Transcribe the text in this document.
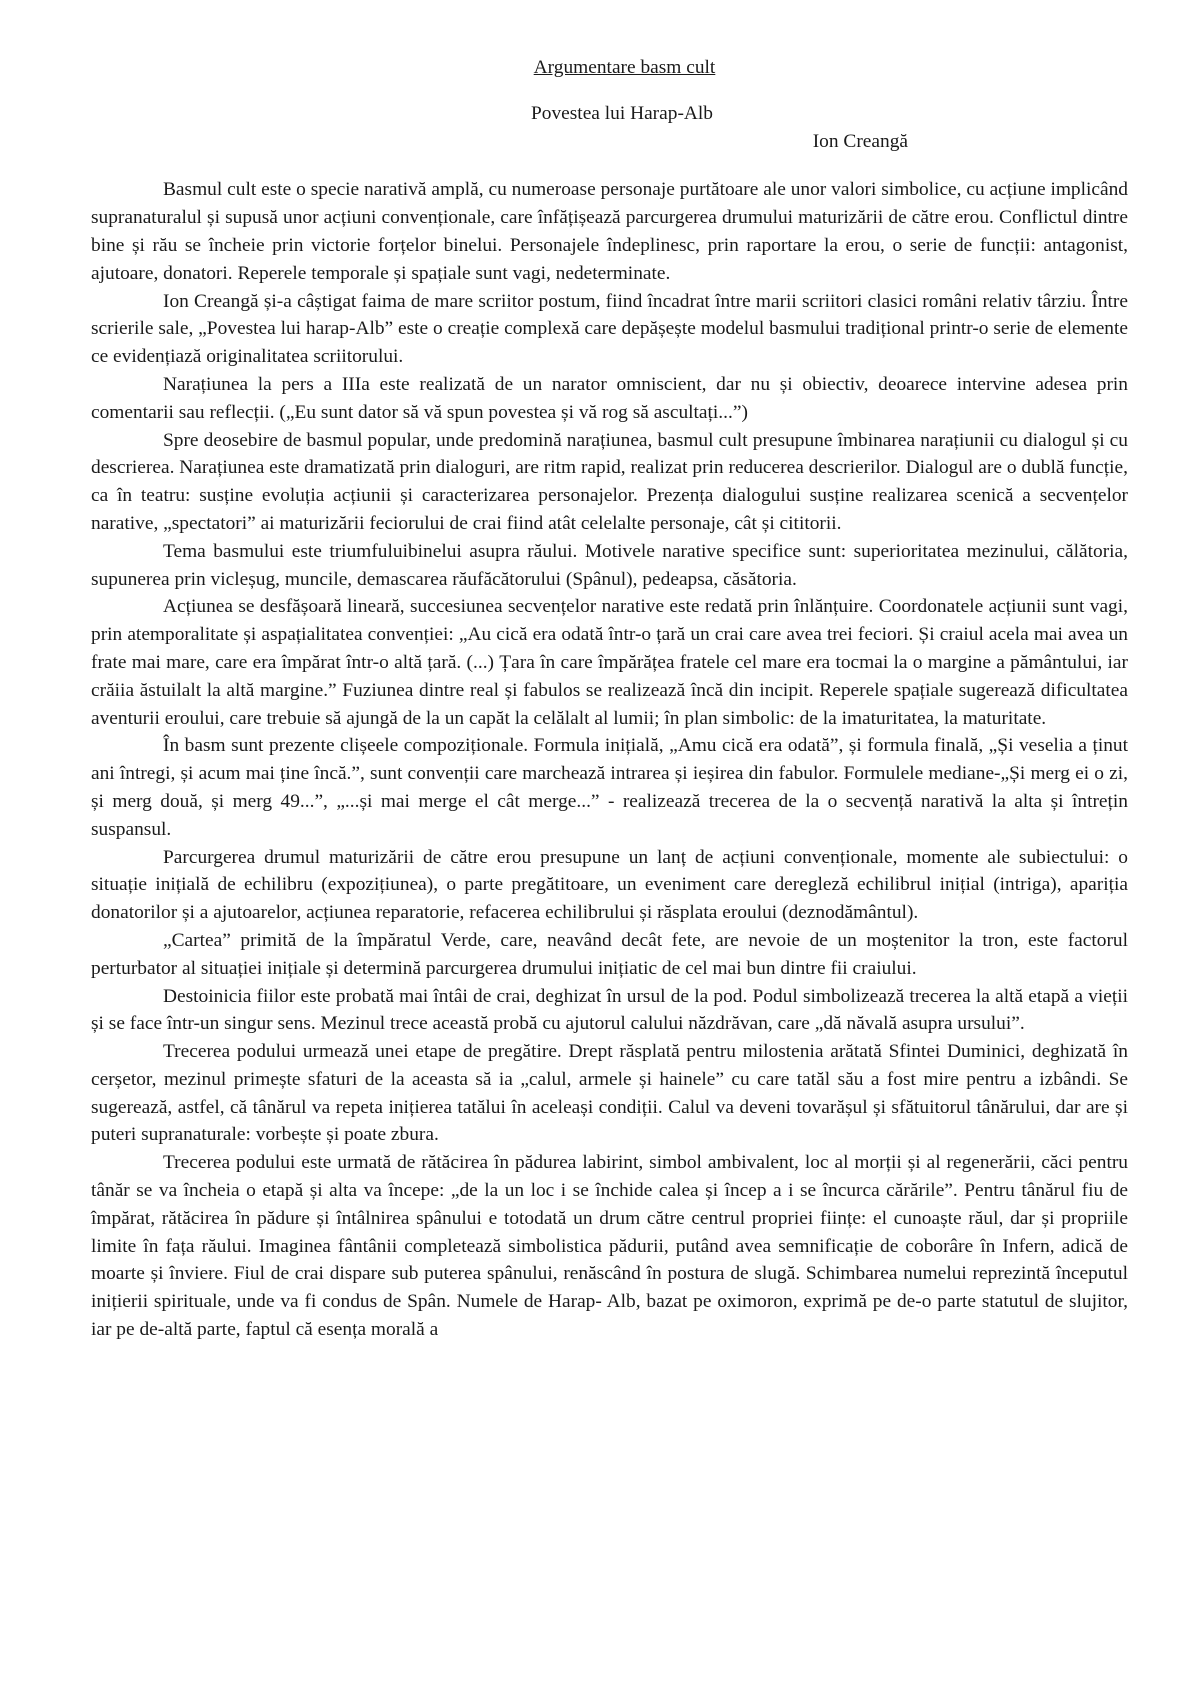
Argumentare basm cult

Povestea lui Harap-Alb

Ion Creangă

Basmul cult este o specie narativă amplă, cu numeroase personaje purtătoare ale unor valori simbolice, cu acțiune implicând supranaturalul și supusă unor acțiuni convenționale, care înfățișează parcurgerea drumului maturizării de către erou. Conflictul dintre bine și rău se încheie prin victorie forțelor binelui. Personajele îndeplinesc, prin raportare la erou, o serie de funcții: antagonist, ajutoare, donatori. Reperele temporale și spațiale sunt vagi, nedeterminate.

Ion Creangă și-a câștigat faima de mare scriitor postum, fiind încadrat între marii scriitori clasici români relativ târziu. Între scrierile sale, „Povestea lui harap-Alb” este o creație complexă care depășește modelul basmului tradițional printr-o serie de elemente ce evidențiază originalitatea scriitorului.

Narațiunea la pers a IIIa este realizată de un narator omniscient, dar nu și obiectiv, deoarece intervine adesea prin comentarii sau reflecții. („Eu sunt dator să vă spun povestea și vă rog să ascultați...”)

Spre deosebire de basmul popular, unde predomină narațiunea, basmul cult presupune îmbinarea narațiunii cu dialogul și cu descrierea. Narațiunea este dramatizată prin dialoguri, are ritm rapid, realizat prin reducerea descrierilor. Dialogul are o dublă funcție, ca în teatru: susține evoluția acțiunii și caracterizarea personajelor. Prezența dialogului susține realizarea scenică a secvențelor narative, „spectatori” ai maturizării feciorului de crai fiind atât celelalte personaje, cât și cititorii.

Tema basmului este triumfuluibinelui asupra răului. Motivele narative specifice sunt: superioritatea mezinului, călătoria, supunerea prin vicleșug, muncile, demascarea răufăcătorului (Spânul), pedeapsa, căsătoria.

Acțiunea se desfășoară lineară, succesiunea secvențelor narative este redată prin înlănțuire. Coordonatele acțiunii sunt vagi, prin atemporalitate și aspațialitatea convenției: „Au cică era odată într-o țară un crai care avea trei feciori. Și craiul acela mai avea un frate mai mare, care era împărat într-o altă țară. (...) Țara în care împărățea fratele cel mare era tocmai la o margine a pământului, iar crăiia ăstuilalt la altă margine.” Fuziunea dintre real și fabulos se realizează încă din incipit. Reperele spațiale sugerează dificultatea aventurii eroului, care trebuie să ajungă de la un capăt la celălalt al lumii; în plan simbolic: de la imaturitatea, la maturitate.

În basm sunt prezente clișeele compoziționale. Formula inițială, „Amu cică era odată”, și formula finală, „Și veselia a ținut ani întregi, și acum mai ține încă.”, sunt convenții care marchează intrarea și ieșirea din fabulor. Formulele mediane-„Și merg ei o zi, și merg două, și merg 49...”, „...și mai merge el cât merge...” - realizează trecerea de la o secvență narativă la alta și întrețin suspansul.

Parcurgerea drumul maturizării de către erou presupune un lanț de acțiuni convenționale, momente ale subiectului: o situație inițială de echilibru (expozițiunea), o parte pregătitoare, un eveniment care deregleză echilibrul inițial (intriga), apariția donatorilor și a ajutoarelor, acțiunea reparatorie, refacerea echilibrului și răsplata eroului (deznodământul).

„Cartea” primită de la împăratul Verde, care, neavând decât fete, are nevoie de un moștenitor la tron, este factorul perturbator al situației inițiale și determină parcurgerea drumului inițiatic de cel mai bun dintre fii craiului.

Destoinicia fiilor este probată mai întâi de crai, deghizat în ursul de la pod. Podul simbolizează trecerea la altă etapă a vieții și se face într-un singur sens. Mezinul trece această probă cu ajutorul calului năzdrăvan, care „dă năvală asupra ursului”.

Trecerea podului urmează unei etape de pregătire. Drept răsplată pentru milostenia arătată Sfintei Duminici, deghizată în cerșetor, mezinul primește sfaturi de la aceasta să ia „calul, armele și hainele” cu care tatăl său a fost mire pentru a izbândi. Se sugerează, astfel, că tânărul va repeta inițierea tatălui în aceleași condiții. Calul va deveni tovarășul și sfătuitorul tânărului, dar are și puteri supranaturale: vorbește și poate zbura.

Trecerea podului este urmată de rătăcirea în pădurea labirint, simbol ambivalent, loc al morții și al regenerării, căci pentru tânăr se va încheia o etapă și alta va începe: „de la un loc i se închide calea și încep a i se încurca cărările”. Pentru tânărul fiu de împărat, rătăcirea în pădure și întâlnirea spânului e totodată un drum către centrul propriei ființe: el cunoaște răul, dar și propriile limite în fața răului. Imaginea fântânii completează simbolistica pădurii, putând avea semnificație de coborâre în Infern, adică de moarte și înviere. Fiul de crai dispare sub puterea spânului, renăscând în postura de slugă. Schimbarea numelui reprezintă începutul inițierii spirituale, unde va fi condus de Spân. Numele de Harap- Alb, bazat pe oximoron, exprimă pe de-o parte statutul de slujitor, iar pe de-altă parte, faptul că esența morală a
